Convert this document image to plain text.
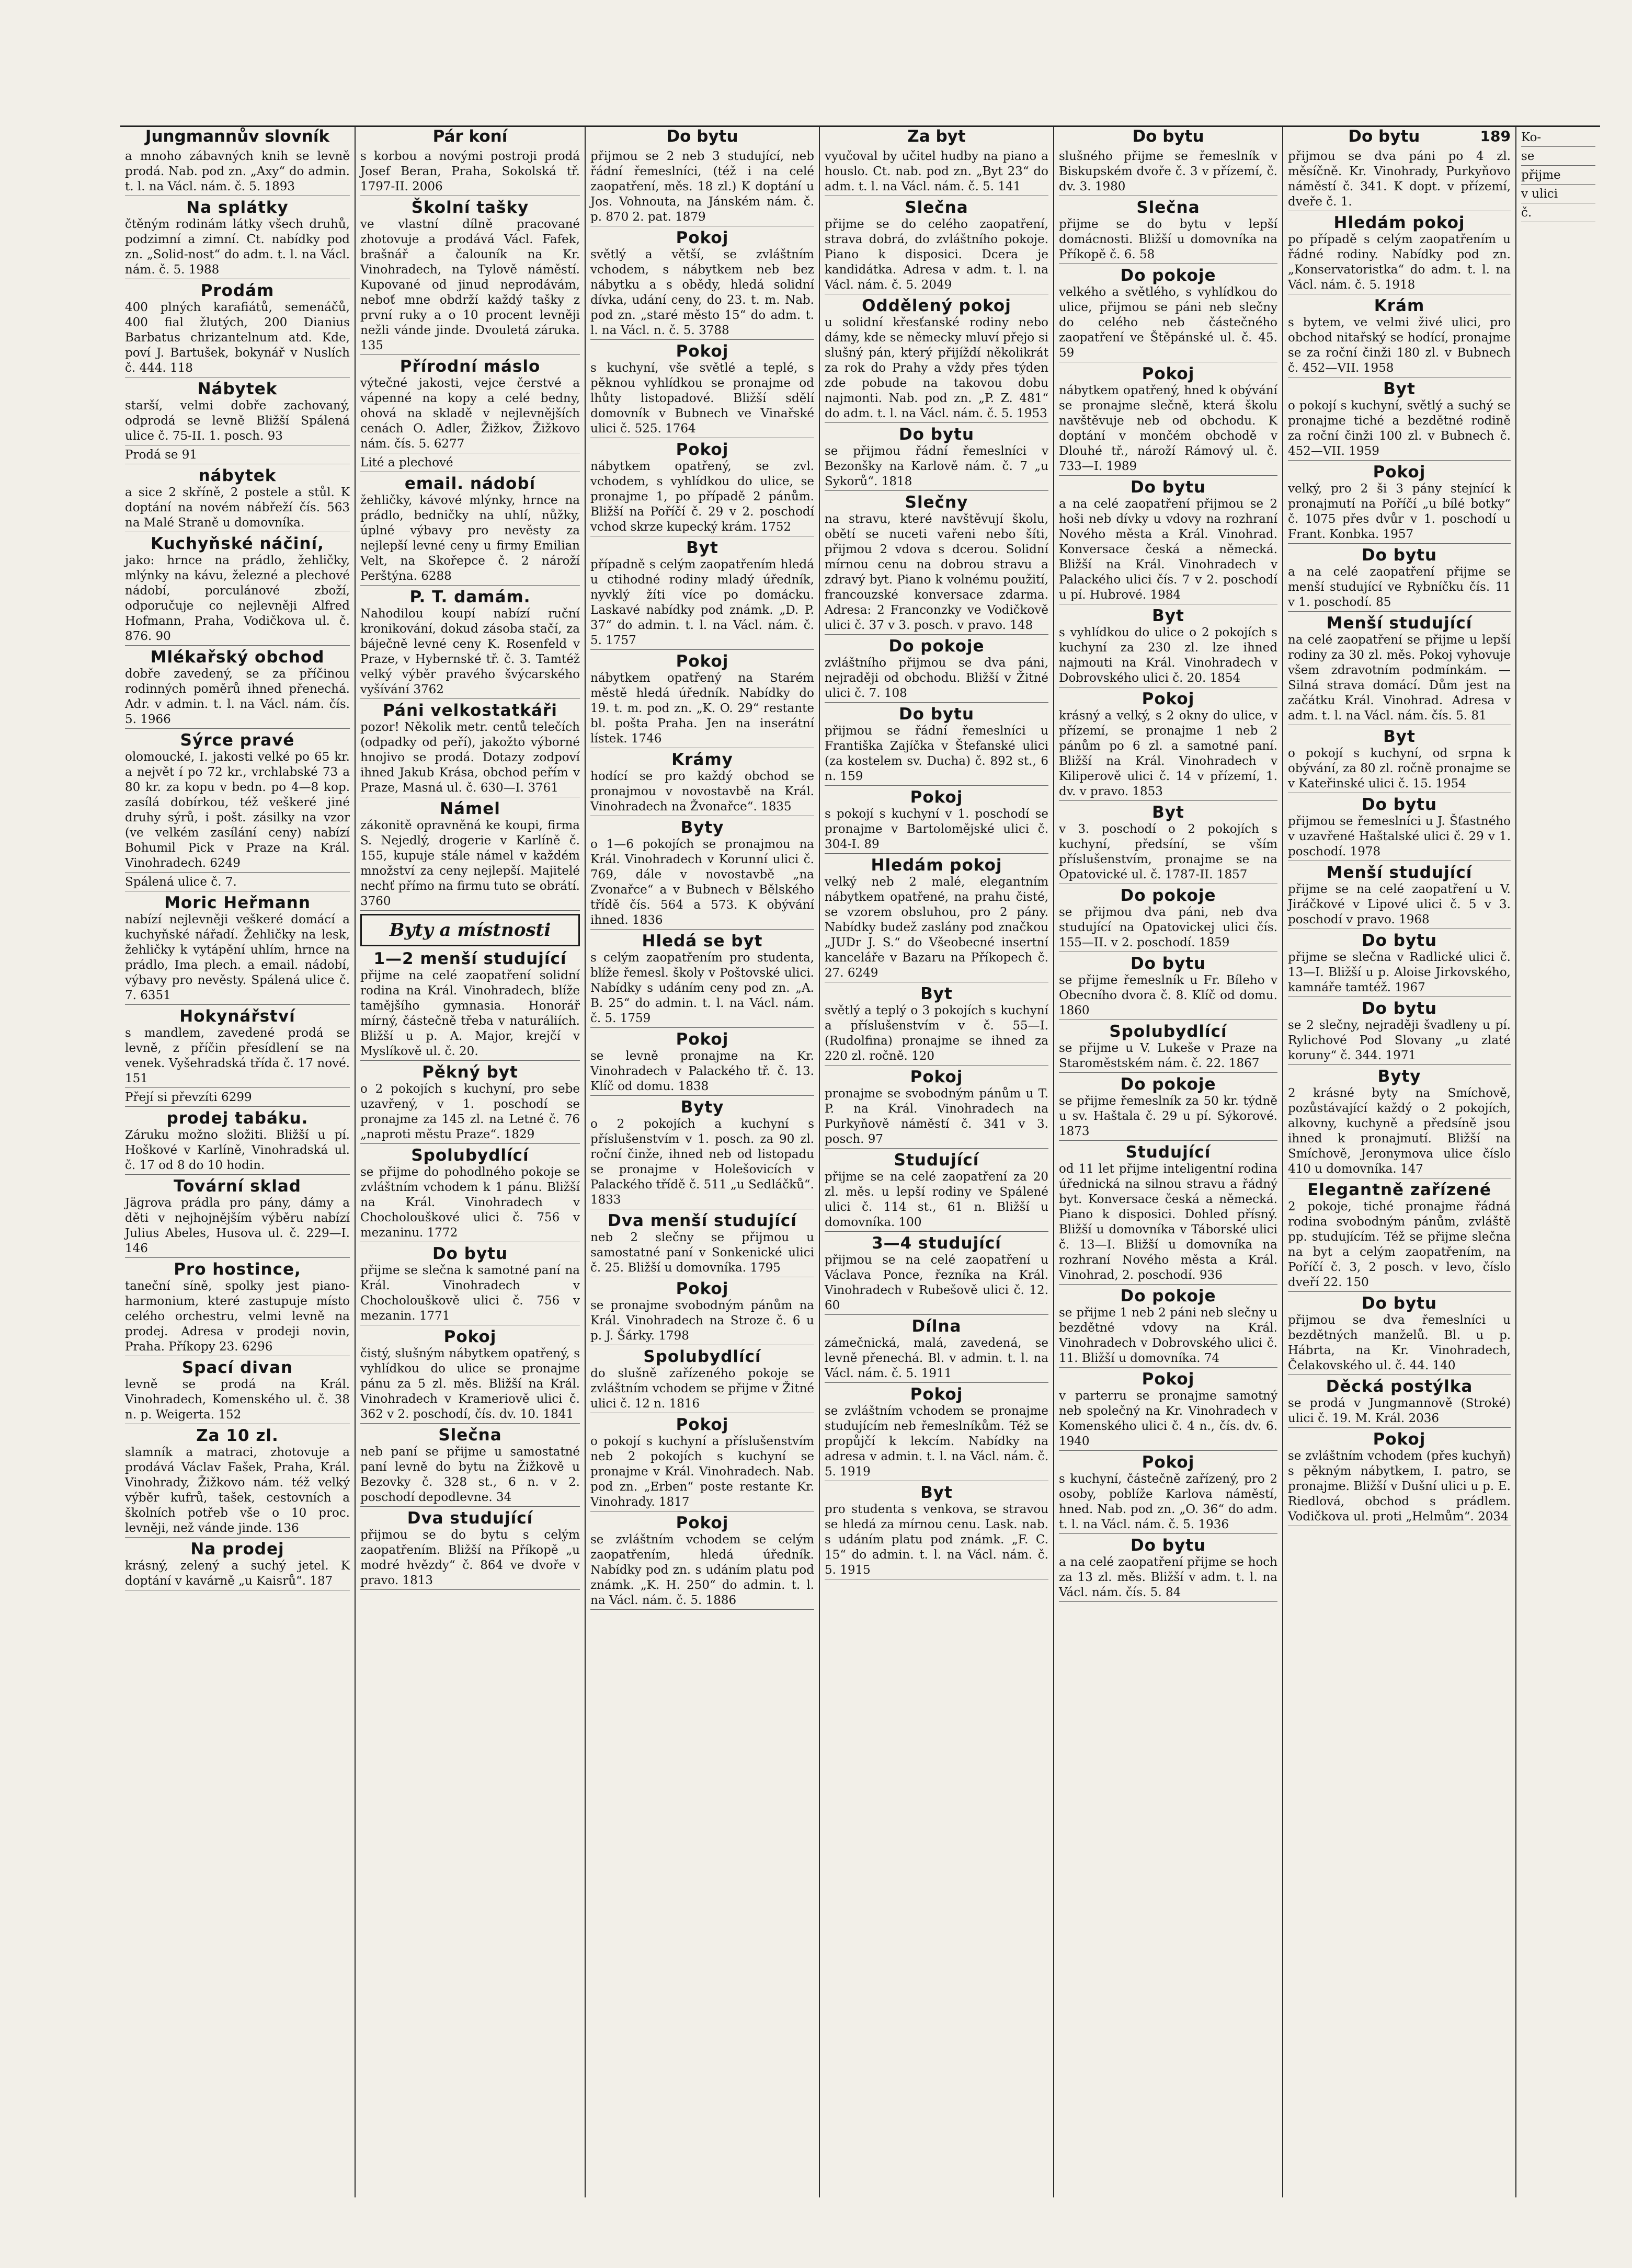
Jungmannův slovník

a mnoho zábavných knih se levně prodá. Nab. pod zn. „Axy“ do admin. t. l. na Václ. nám. č. 5. 1893

Na splátky

čtěným rodinám látky všech druhů, podzimní a zimní. Ct. nabídky pod zn. „Solid-nost“ do adm. t. l. na Václ. nám. č. 5. 1988

Prodám

400 plných karafiátů, semenáčů, 400 fial žlutých, 200 Dianius Barbatus chrizantelnum atd. Kde, poví J. Bartušek, bokynář v Nuslích č. 444. 118

Nábytek

starší, velmi dobře zachovaný, odprodá se levně Bližší Spálená ulice č. 75-II. 1. posch. 93

Prodá se 91

nábytek

a sice 2 skříně, 2 postele a stůl. K doptání na novém nábřeží čís. 563 na Malé Straně u domovníka.

Kuchyňské náčiní,

jako: hrnce na prádlo, žehličky, mlýnky na kávu, železné a plechové nádobí, porculánové zboží, odporučuje co nejlevněji Alfred Hofmann, Praha, Vodičkova ul. č. 876. 90

Mlékařský obchod

dobře zavedený, se za příčinou rodinných poměrů ihned přenechá. Adr. v admin. t. l. na Václ. nám. čís. 5. 1966

Sýrce pravé

olomoucké, I. jakosti velké po 65 kr. a největ í po 72 kr., vrchlabské 73 a 80 kr. za kopu v bedn. po 4—8 kop. zasílá dobírkou, též veškeré jiné druhy sýrů, i pošt. zásilky na vzor (ve velkém zasílání ceny) nabízí Bohumil Pick v Praze na Král. Vinohradech. 6249

Spálená ulice č. 7.

Moric Heřmann

nabízí nejlevněji veškeré domácí a kuchyňské nářadí. Žehličky na lesk, žehličky k vytápění uhlím, hrnce na prádlo, Ima plech. a email. nádobí, výbavy pro nevěsty. Spálená ulice č. 7. 6351

Hokynářství

s mandlem, zavedené prodá se levně, z příčin přesídlení se na venek. Vyšehradská třída č. 17 nové. 151

Přejí si převzíti 6299

prodej tabáku.

Záruku možno složiti. Bližší u pí. Hoškové v Karlíně, Vinohradská ul. č. 17 od 8 do 10 hodin.

Tovární sklad

Jägrova prádla pro pány, dámy a děti v nejhojnějším výběru nabízí Julius Abeles, Husova ul. č. 229—I. 146

Pro hostince,

taneční síně, spolky jest piano-harmonium, které zastupuje místo celého orchestru, velmi levně na prodej. Adresa v prodeji novin, Praha. Příkopy 23. 6296

Spací divan

levně se prodá na Král. Vinohradech, Komenského ul. č. 38 n. p. Weigerta. 152

Za 10 zl.

slamník a matraci, zhotovuje a prodává Václav Fašek, Praha, Král. Vinohrady, Žižkovo nám. též velký výběr kufrů, tašek, cestovních a školních potřeb vše o 10 proc. levněji, než vánde jinde. 136

Na prodej

krásný, zelený a suchý jetel. K doptání v kavárně „u Kaisrů“. 187

Pár koní

s korbou a novými postroji prodá Josef Beran, Praha, Sokolská tř. 1797-II. 2006

Školní tašky

ve vlastní dílně pracované zhotovuje a prodává Václ. Fafek, brašnář a čalouník na Kr. Vinohradech, na Tylově náměstí. Kupované od jinud neprodávám, neboť mne obdrží každý tašky z první ruky a o 10 procent levněji nežli vánde jinde. Dvouletá záruka. 135

Přírodní máslo

výtečné jakosti, vejce čerstvé a vápenné na kopy a celé bedny, ohová na skladě v nejlevnějších cenách O. Adler, Žižkov, Žižkovo nám. čís. 5. 6277

Lité a plechové

email. nádobí

žehličky, kávové mlýnky, hrnce na prádlo, bedničky na uhlí, nůžky, úplné výbavy pro nevěsty za nejlepší levné ceny u firmy Emilian Velt, na Skořepce č. 2 nároží Perštýna. 6288

P. T. damám.

Nahodilou koupí nabízí ruční kronikování, dokud zásoba stačí, za báječně levné ceny K. Rosenfeld v Praze, v Hybernské tř. č. 3. Tamtéž velký výběr pravého švýcarského vyšívání 3762

Páni velkostatkáři

pozor! Několik metr. centů telečích (odpadky od peří), jakožto výborné hnojivo se prodá. Dotazy zodpoví ihned Jakub Krása, obchod peřím v Praze, Masná ul. č. 630—I. 3761

Námel

zákonitě opravněná ke koupi, firma S. Nejedlý, drogerie v Karlíně č. 155, kupuje stále námel v každém množství za ceny nejlepší. Majitelé nechť přímo na firmu tuto se obrátí. 3760

Byty a místnosti
1—2 menší studující

přijme na celé zaopatření solidní rodina na Král. Vinohradech, blíže tamějšího gymnasia. Honorář mírný, částečně třeba v naturáliích. Bližší u p. A. Major, krejčí v Myslíkově ul. č. 20.

Pěkný byt

o 2 pokojích s kuchyní, pro sebe uzavřený, v 1. poschodí se pronajme za 145 zl. na Letné č. 76 „naproti městu Praze“. 1829

Spolubydlící

se přijme do pohodlného pokoje se zvláštním vchodem k 1 pánu. Bližší na Král. Vinohradech v Chocholouškové ulici č. 756 v mezaninu. 1772

Do bytu

přijme se slečna k samotné paní na Král. Vinohradech v Chocholouškově ulici č. 756 v mezanin. 1771

Pokoj

čistý, slušným nábytkem opatřený, s vyhlídkou do ulice se pronajme pánu za 5 zl. měs. Bližší na Král. Vinohradech v Krameriově ulici č. 362 v 2. poschodí, čís. dv. 10. 1841

Slečna

neb paní se přijme u samostatné paní levně do bytu na Žižkově u Bezovky č. 328 st., 6 n. v 2. poschodí depodlevne. 34

Dva studující

přijmou se do bytu s celým zaopatřením. Bližší na Příkopě „u modré hvězdy“ č. 864 ve dvoře v pravo. 1813

Do bytu

přijmou se 2 neb 3 studující, neb řádní řemeslníci, (též i na celé zaopatření, měs. 18 zl.) K doptání u Jos. Vohnouta, na Jánském nám. č. p. 870 2. pat. 1879

Pokoj

světlý a větší, se zvláštním vchodem, s nábytkem neb bez nábytku a s obědy, hledá solidní dívka, udání ceny, do 23. t. m. Nab. pod zn. „staré město 15“ do adm. t. l. na Václ. n. č. 5. 3788

Pokoj

s kuchyní, vše světlé a teplé, s pěknou vyhlídkou se pronajme od lhůty listopadové. Bližší sdělí domovník v Bubnech ve Vinařské ulici č. 525. 1764

Pokoj

nábytkem opatřený, se zvl. vchodem, s vyhlídkou do ulice, se pronajme 1, po případě 2 pánům. Bližší na Poříčí č. 29 v 2. poschodí vchod skrze kupecký krám. 1752

Byt

případně s celým zaopatřením hledá u ctihodné rodiny mladý úředník, nyvklý žíti více po domácku. Laskavé nabídky pod známk. „D. P. 37“ do admin. t. l. na Václ. nám. č. 5. 1757

Pokoj

nábytkem opatřený na Starém městě hledá úředník. Nabídky do 19. t. m. pod zn. „K. O. 29“ restante bl. pošta Praha. Jen na inserátní lístek. 1746

Krámy

hodící se pro každý obchod se pronajmou v novostavbě na Král. Vinohradech na Žvonařce“. 1835

Byty

o 1—6 pokojích se pronajmou na Král. Vinohradech v Korunní ulici č. 769, dále v novostavbě „na Zvonařce“ a v Bubnech v Bělského třídě čís. 564 a 573. K obývání ihned. 1836

Hledá se byt

s celým zaopatřením pro studenta, blíže řemesl. školy v Poštovské ulici. Nabídky s udáním ceny pod zn. „A. B. 25“ do admin. t. l. na Václ. nám. č. 5. 1759

Pokoj

se levně pronajme na Kr. Vinohradech v Palackého tř. č. 13. Klíč od domu. 1838

Byty

o 2 pokojích a kuchyní s příslušenstvím v 1. posch. za 90 zl. roční činže, ihned neb od listopadu se pronajme v Holešovicích v Palackého třídě č. 511 „u Sedláčků“. 1833

Dva menší studující

neb 2 slečny se přijmou u samostatné paní v Sonkenické ulici č. 25. Bližší u domovníka. 1795

Pokoj

se pronajme svobodným pánům na Král. Vinohradech na Stroze č. 6 u p. J. Šárky. 1798

Spolubydlící

do slušně zařízeného pokoje se zvláštním vchodem se přijme v Žitné ulici č. 12 n. 1816

Pokoj

o pokojí s kuchyní a příslušenstvím neb 2 pokojích s kuchyní se pronajme v Král. Vinohradech. Nab. pod zn. „Erben“ poste restante Kr. Vinohrady. 1817

Pokoj

se zvláštním vchodem se celým zaopatřením, hledá úředník. Nabídky pod zn. s udáním platu pod známk. „K. H. 250“ do admin. t. l. na Václ. nám. č. 5. 1886

Za byt

vyučoval by učitel hudby na piano a houslo. Ct. nab. pod zn. „Byt 23“ do adm. t. l. na Václ. nám. č. 5. 141

Slečna

přijme se do celého zaopatření, strava dobrá, do zvláštního pokoje. Piano k disposici. Dcera je kandidátka. Adresa v adm. t. l. na Václ. nám. č. 5. 2049

Oddělený pokoj

u solidní křesťanské rodiny nebo dámy, kde se německy mluví přejo si slušný pán, který přijíždí několikrát za rok do Prahy a vždy přes týden zde pobude na takovou dobu najmonti. Nab. pod zn. „P. Z. 481“ do adm. t. l. na Václ. nám. č. 5. 1953

Do bytu

se přijmou řádní řemeslníci v Bezonšky na Karlově nám. č. 7 „u Sykorů“. 1818

Slečny

na stravu, které navštěvují školu, obětí se nuceti vařeni nebo šíti, přijmou 2 vdova s dcerou. Solidní mírnou cenu na dobrou stravu a zdravý byt. Piano k volnému použití, francouzské konversace zdarma. Adresa: 2 Franconzky ve Vodičkově ulici č. 37 v 3. posch. v pravo. 148

Do pokoje

zvláštního přijmou se dva páni, nejraději od obchodu. Bližší v Žitné ulici č. 7. 108

Do bytu

přijmou se řádní řemeslníci u Františka Zajíčka v Štefanské ulici (za kostelem sv. Ducha) č. 892 st., 6 n. 159

Pokoj

s pokojí s kuchyní v 1. poschodí se pronajme v Bartolomějské ulici č. 304-I. 89

Hledám pokoj

velký neb 2 malé, elegantním nábytkem opatřené, na prahu čisté, se vzorem obsluhou, pro 2 pány. Nabídky budež zaslány pod značkou „JUDr J. S.“ do Všeobecné insertní kanceláře v Bazaru na Příkopech č. 27. 6249

Byt

světlý a teplý o 3 pokojích s kuchyní a příslušenstvím v č. 55—I. (Rudolfina) pronajme se ihned za 220 zl. ročně. 120

Pokoj

pronajme se svobodným pánům u T. P. na Král. Vinohradech na Purkyňově náměstí č. 341 v 3. posch. 97

Studující

přijme se na celé zaopatření za 20 zl. měs. u lepší rodiny ve Spálené ulici č. 114 st., 61 n. Bližší u domovníka. 100

3—4 studující

přijmou se na celé zaopatření u Václava Ponce, řezníka na Král. Vinohradech v Rubešově ulici č. 12. 60

Dílna

zámečnická, malá, zavedená, se levně přenechá. Bl. v admin. t. l. na Václ. nám. č. 5. 1911

Pokoj

se zvláštním vchodem se pronajme studujícím neb řemeslníkům. Též se propůjčí k lekcím. Nabídky na adresa v admin. t. l. na Václ. nám. č. 5. 1919

Byt

pro studenta s venkova, se stravou se hledá za mírnou cenu. Lask. nab. s udáním platu pod známk. „F. C. 15“ do admin. t. l. na Václ. nám. č. 5. 1915

Do bytu

slušného přijme se řemeslník v Biskupském dvoře č. 3 v přízemí, č. dv. 3. 1980

Slečna

přijme se do bytu v lepší domácnosti. Bližší u domovníka na Příkopě č. 6. 58

Do pokoje

velkého a světlého, s vyhlídkou do ulice, přijmou se páni neb slečny do celého neb částečného zaopatření ve Štěpánské ul. č. 45. 59

Pokoj

nábytkem opatřený, hned k obývání se pronajme slečně, která školu navštěvuje neb od obchodu. K doptání v mončém obchodě v Dlouhé tř., nároží Rámový ul. č. 733—I. 1989

Do bytu

a na celé zaopatření přijmou se 2 hoši neb dívky u vdovy na rozhraní Nového města a Král. Vinohrad. Konversace česká a německá. Bližší na Král. Vinohradech v Palackého ulici čís. 7 v 2. poschodí u pí. Hubrové. 1984

Byt

s vyhlídkou do ulice o 2 pokojích s kuchyní za 230 zl. lze ihned najmouti na Král. Vinohradech v Dobrovského ulici č. 20. 1854

Pokoj

krásný a velký, s 2 okny do ulice, v přízemí, se pronajme 1 neb 2 pánům po 6 zl. a samotné paní. Bližší na Král. Vinohradech v Kiliperově ulici č. 14 v přízemí, 1. dv. v pravo. 1853

Byt

v 3. poschodí o 2 pokojích s kuchyní, předsíní, se vším příslušenstvím, pronajme se na Opatovické ul. č. 1787-II. 1857

Do pokoje

se přijmou dva páni, neb dva studující na Opatovickej ulici čís. 155—II. v 2. poschodí. 1859

Do bytu

se přijme řemeslník u Fr. Bíleho v Obecního dvora č. 8. Klíč od domu. 1860

Spolubydlící

se přijme u V. Lukeše v Praze na Staroměstském nám. č. 22. 1867

Do pokoje

se přijme řemeslník za 50 kr. týdně u sv. Haštala č. 29 u pí. Sýkorové. 1873

Studující

od 11 let přijme inteligentní rodina úřednická na silnou stravu a řádný byt. Konversace česká a německá. Piano k disposici. Dohled přísný. Bližší u domovníka v Táborské ulici č. 13—I. Bližší u domovníka na rozhraní Nového města a Král. Vinohrad, 2. poschodí. 936

Do pokoje

se přijme 1 neb 2 páni neb slečny u bezdětné vdovy na Král. Vinohradech v Dobrovského ulici č. 11. Bližší u domovníka. 74

Pokoj

v parterru se pronajme samotný neb společný na Kr. Vinohradech v Komenského ulici č. 4 n., čís. dv. 6. 1940

Pokoj

s kuchyní, částečně zařízený, pro 2 osoby, poblíže Karlova náměstí, hned. Nab. pod zn. „O. 36“ do adm. t. l. na Václ. nám. č. 5. 1936

Do bytu

a na celé zaopatření přijme se hoch za 13 zl. měs. Bližší v adm. t. l. na Václ. nám. čís. 5. 84

Do bytu	189

přijmou se dva páni po 4 zl. měsíčně. Kr. Vinohrady, Purkyňovo náměstí č. 341. K dopt. v přízemí, dveře č. 1.

Hledám pokoj

po případě s celým zaopatřením u řádné rodiny. Nabídky pod zn. „Konservatoristka“ do adm. t. l. na Václ. nám. č. 5. 1918

Krám

s bytem, ve velmi živé ulici, pro obchod nitařský se hodící, pronajme se za roční činži 180 zl. v Bubnech č. 452—VII. 1958

Byt

o pokojí s kuchyní, světlý a suchý se pronajme tiché a bezdětné rodině za roční činži 100 zl. v Bubnech č. 452—VII. 1959

Pokoj

velký, pro 2 ši 3 pány stejnící k pronajmutí na Poříčí „u bílé botky“ č. 1075 přes dvůr v 1. poschodí u Frant. Konbka. 1957

Do bytu

a na celé zaopatření přijme se menší studující ve Rybníčku čís. 11 v 1. poschodí. 85

Menší studující

na celé zaopatření se přijme u lepší rodiny za 30 zl. měs. Pokoj vyhovuje všem zdravotním podmínkám. — Silná strava domácí. Dům jest na začátku Král. Vinohrad. Adresa v adm. t. l. na Václ. nám. čís. 5. 81

Byt

o pokojí s kuchyní, od srpna k obývání, za 80 zl. ročně pronajme se v Kateřinské ulici č. 15. 1954

Do bytu

přijmou se řemeslníci u J. Šťastného v uzavřené Haštalské ulici č. 29 v 1. poschodí. 1978

Menší studující

přijme se na celé zaopatření u V. Jiráčkové v Lipové ulici č. 5 v 3. poschodí v pravo. 1968

Do bytu

přijme se slečna v Radlické ulici č. 13—I. Bližší u p. Aloise Jirkovského, kamnáře tamtéž. 1967

Do bytu

se 2 slečny, nejraději švadleny u pí. Rylichové Pod Slovany „u zlaté koruny“ č. 344. 1971

Byty

2 krásné byty na Smíchově, pozůstávající každý o 2 pokojích, alkovny, kuchyně a předsíně jsou ihned k pronajmutí. Bližší na Smíchově, Jeronymova ulice číslo 410 u domovníka. 147

Elegantně zařízené

2 pokoje, tiché pronajme řádná rodina svobodným pánům, zvláště pp. studujícím. Též se přijme slečna na byt a celým zaopatřením, na Poříčí č. 3, 2 posch. v levo, číslo dveří 22. 150

Do bytu

přijmou se dva řemeslníci u bezdětných manželů. Bl. u p. Hábrta, na Kr. Vinohradech, Čelakovského ul. č. 44. 140

Děcká postýlka

se prodá v Jungmannově (Stroké) ulici č. 19. M. Král. 2036

Pokoj

se zvláštním vchodem (přes kuchyň) s pěkným nábytkem, I. patro, se pronajme. Bližší v Dušní ulici u p. E. Riedlová, obchod s prádlem. Vodičkova ul. proti „Helmům“. 2034

Ko-

se

přijme

v ulici

č.
